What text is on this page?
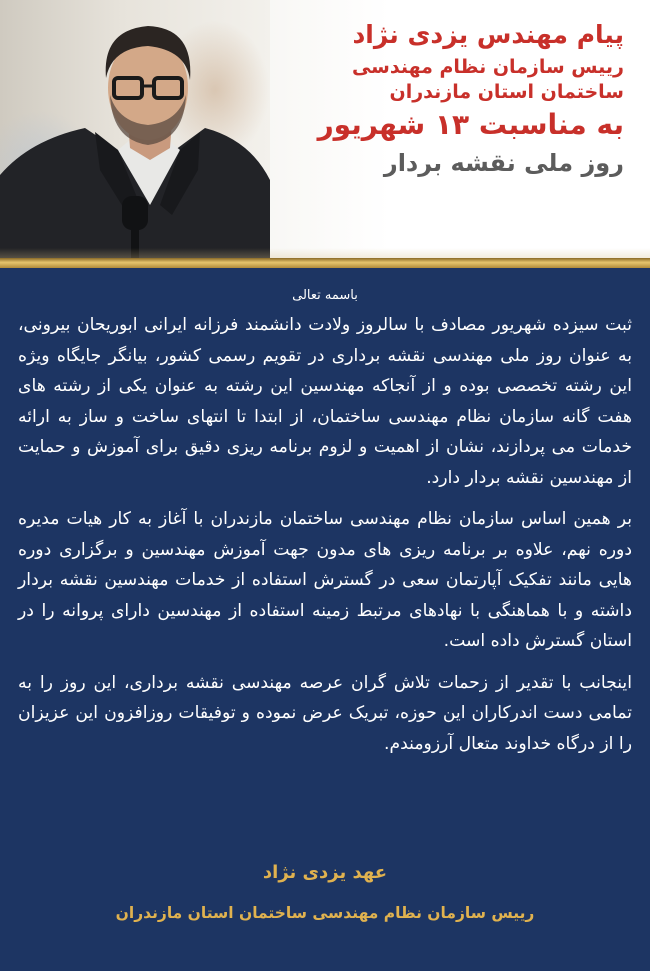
پیام مهندس یزدی نژاد

رییس سازمان نظام مهندسی

ساختمان استان مازندران

به مناسبت ۱۳ شهریور

روز ملی نقشه بردار

باسمه تعالی

ثبت سیزده شهریور مصادف با سالروز ولادت دانشمند فرزانه ایرانی ابوریحان بیرونی، به عنوان روز ملی مهندسی نقشه برداری در تقویم رسمی کشور، بیانگر جایگاه ویژه این رشته تخصصی بوده و از آنجاکه مهندسین این رشته به عنوان یکی از رشته های هفت گانه سازمان نظام مهندسی ساختمان، از ابتدا تا انتهای ساخت و ساز به ارائه خدمات می پردازند، نشان از اهمیت و لزوم برنامه ریزی دقیق برای آموزش و حمایت از مهندسین نقشه بردار دارد.

بر همین اساس سازمان نظام مهندسی ساختمان مازندران با آغاز به کار هیات مدیره دوره نهم، علاوه بر برنامه ریزی های مدون جهت آموزش مهندسین و برگزاری دوره هایی مانند تفکیک آپارتمان سعی در گسترش استفاده از خدمات مهندسین نقشه بردار داشته و با هماهنگی با نهادهای مرتبط زمینه استفاده از مهندسین دارای پروانه را در استان گسترش داده است.

اینجانب با تقدیر از زحمات تلاش گران عرصه مهندسی نقشه برداری، این روز را به تمامی دست اندرکاران این حوزه، تبریک عرض نموده و توفیقات روزافزون این عزیزان را از درگاه خداوند متعال آرزومندم.

عهد یزدی نژاد
رییس سازمان نظام مهندسی ساختمان استان مازندران
